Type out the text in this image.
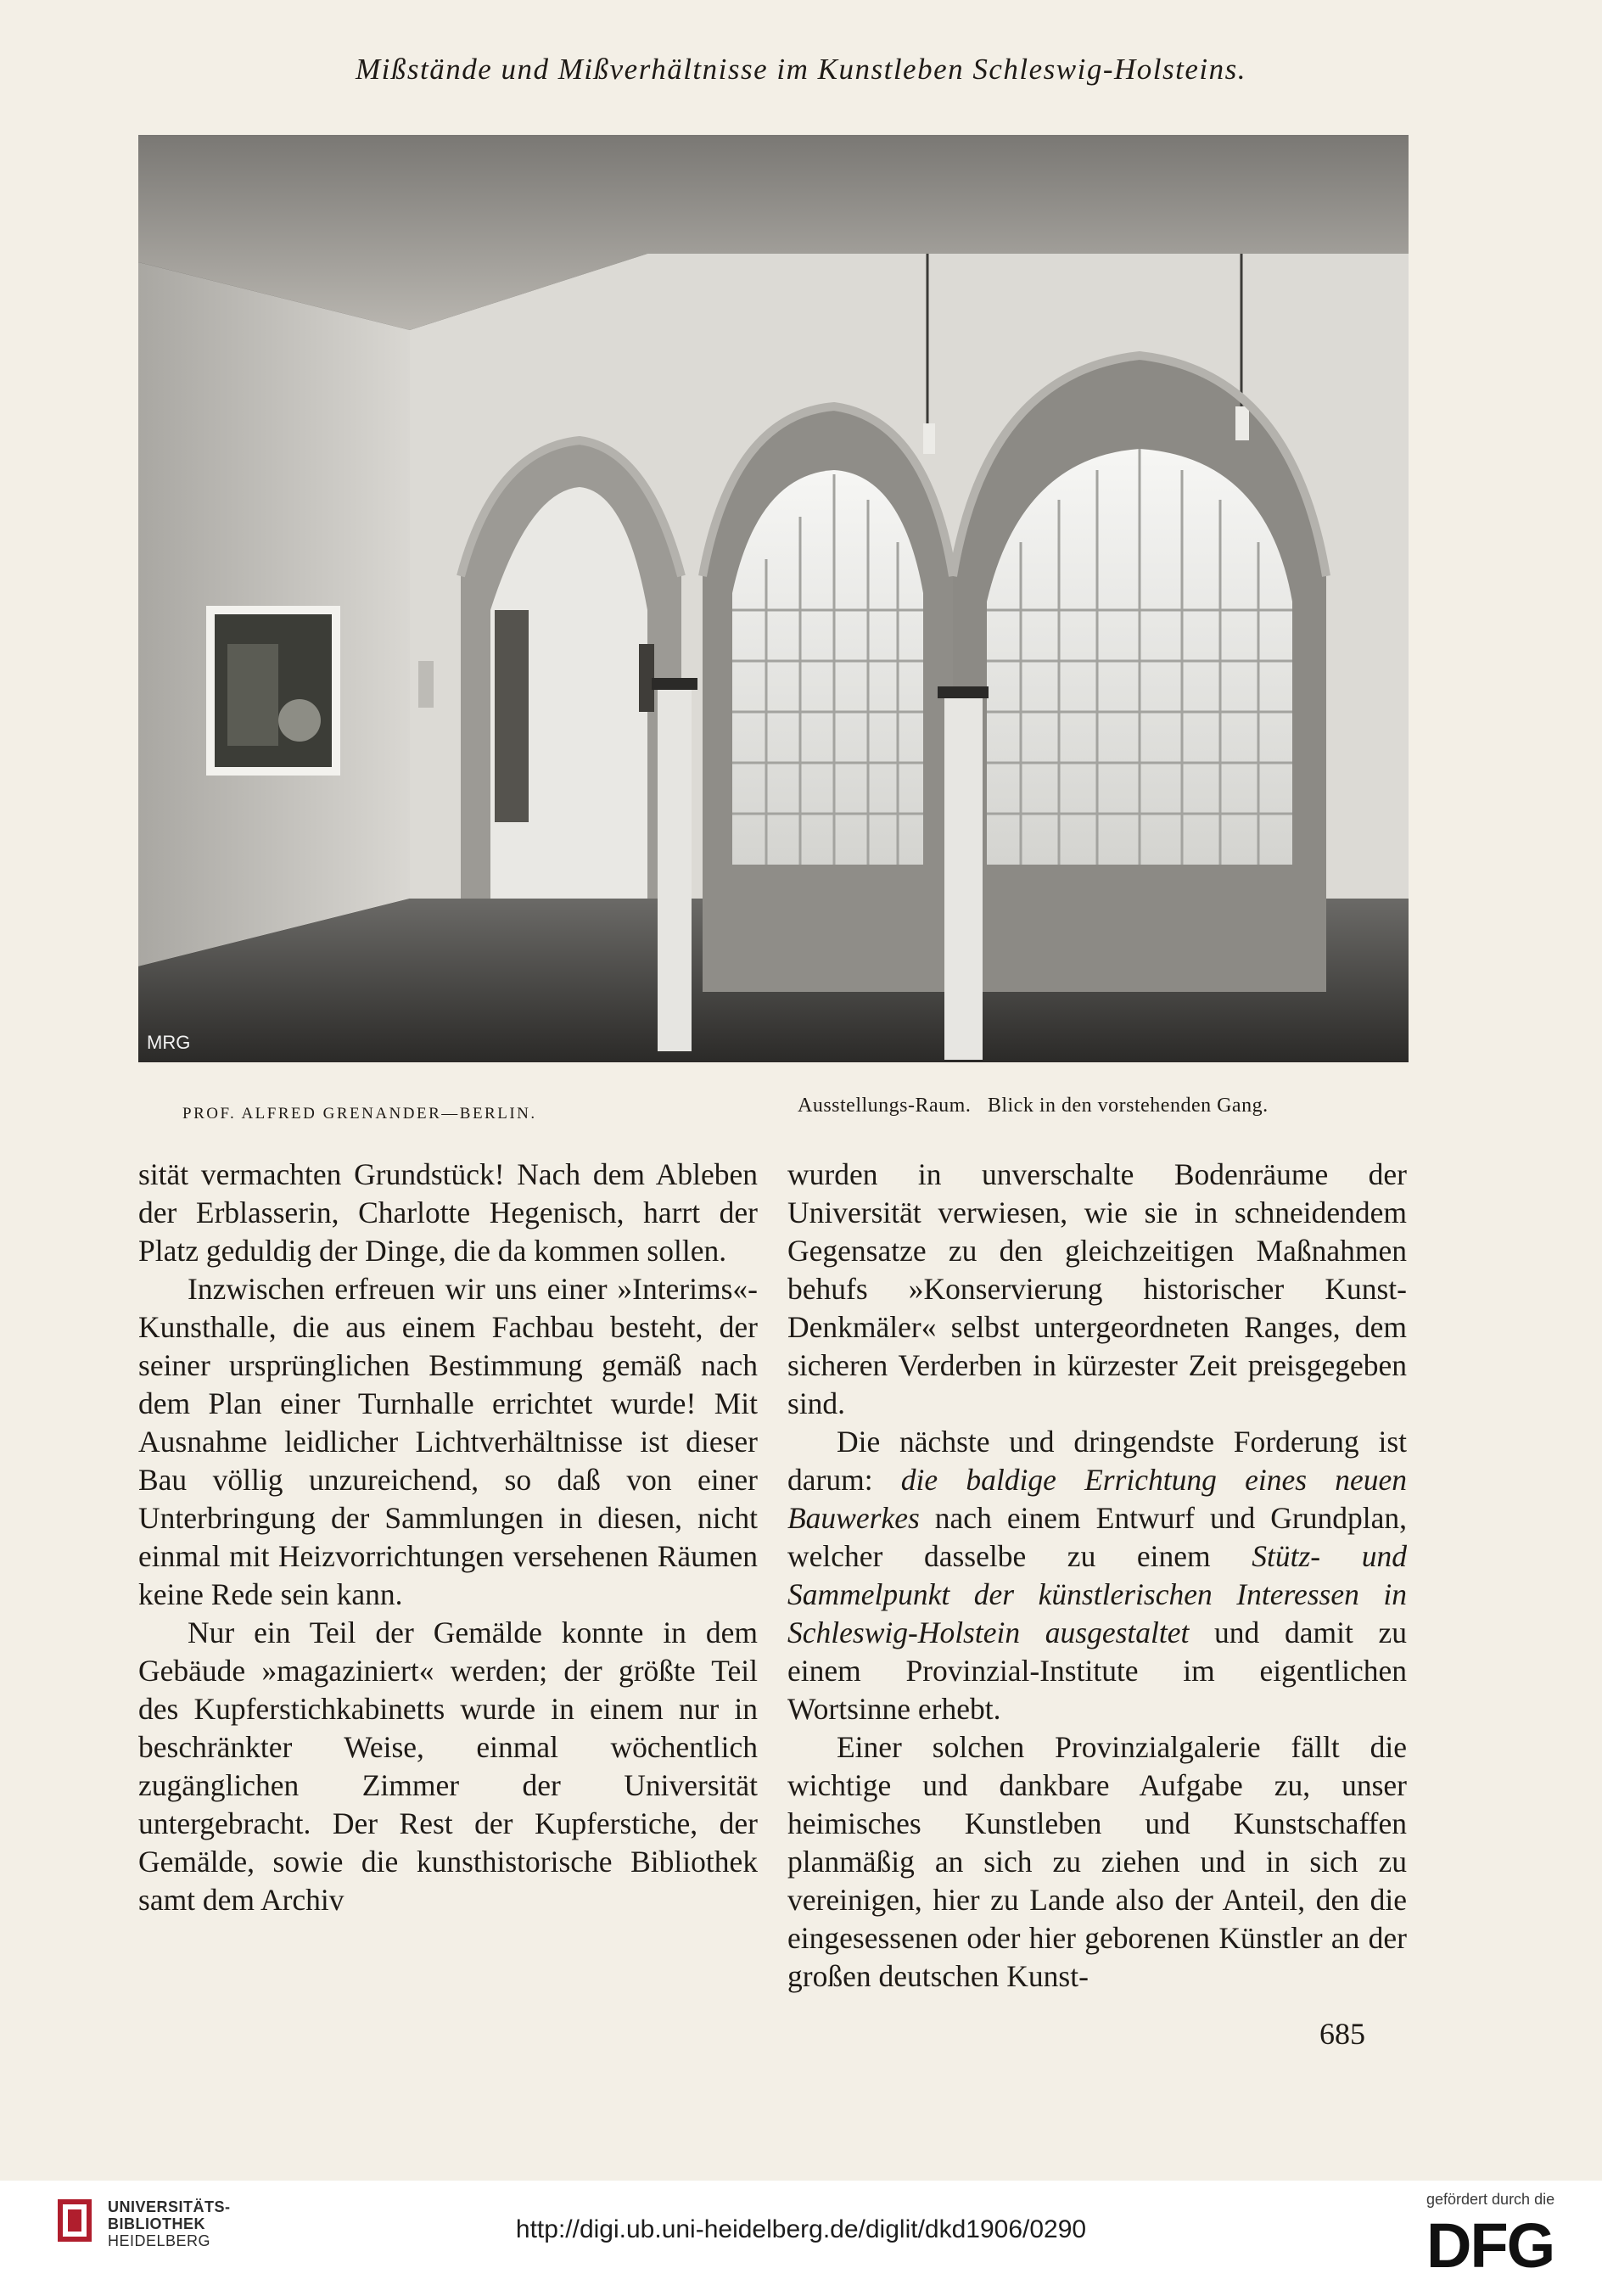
Mißstände und Mißverhältnisse im Kunstleben Schleswig-Holsteins.
MRG
PROF. ALFRED GRENANDER—BERLIN.	Ausstellungs-Raum.   Blick in den vorstehenden Gang.

sität vermachten Grundstück! Nach dem Ableben der Erblasserin, Charlotte Hegenisch, harrt der Platz geduldig der Dinge, die da kommen sollen.

Inzwischen erfreuen wir uns einer »Interims«-Kunsthalle, die aus einem Fachbau besteht, der seiner ursprünglichen Bestimmung gemäß nach dem Plan einer Turnhalle errichtet wurde! Mit Ausnahme leidlicher Lichtverhältnisse ist dieser Bau völlig unzureichend, so daß von einer Unterbringung der Sammlungen in diesen, nicht einmal mit Heizvorrichtungen versehenen Räumen keine Rede sein kann.

Nur ein Teil der Gemälde konnte in dem Gebäude »magaziniert« werden; der größte Teil des Kupferstichkabinetts wurde in einem nur in beschränkter Weise, einmal wöchentlich zugänglichen Zimmer der Universität untergebracht. Der Rest der Kupferstiche, der Gemälde, sowie die kunsthistorische Bibliothek samt dem Archiv

wurden in unverschalte Bodenräume der Universität verwiesen, wie sie in schneidendem Gegensatze zu den gleichzeitigen Maßnahmen behufs »Konservierung historischer Kunst-Denkmäler« selbst untergeordneten Ranges, dem sicheren Verderben in kürzester Zeit preisgegeben sind.

Die nächste und dringendste Forderung ist darum: die baldige Errichtung eines neuen Bauwerkes nach einem Entwurf und Grundplan, welcher dasselbe zu einem Stütz- und Sammelpunkt der künstlerischen Interessen in Schleswig-Holstein ausgestaltet und damit zu einem Provinzial-Institute im eigentlichen Wortsinne erhebt.

Einer solchen Provinzialgalerie fällt die wichtige und dankbare Aufgabe zu, unser heimisches Kunstleben und Kunstschaffen planmäßig an sich zu ziehen und in sich zu vereinigen, hier zu Lande also der Anteil, den die eingesessenen oder hier geborenen Künstler an der großen deutschen Kunst-

685
UNIVERSITÄTS-
BIBLIOTHEK
HEIDELBERG	http://digi.ub.uni-heidelberg.de/diglit/dkd1906/0290
gefördert durch die
DFG
